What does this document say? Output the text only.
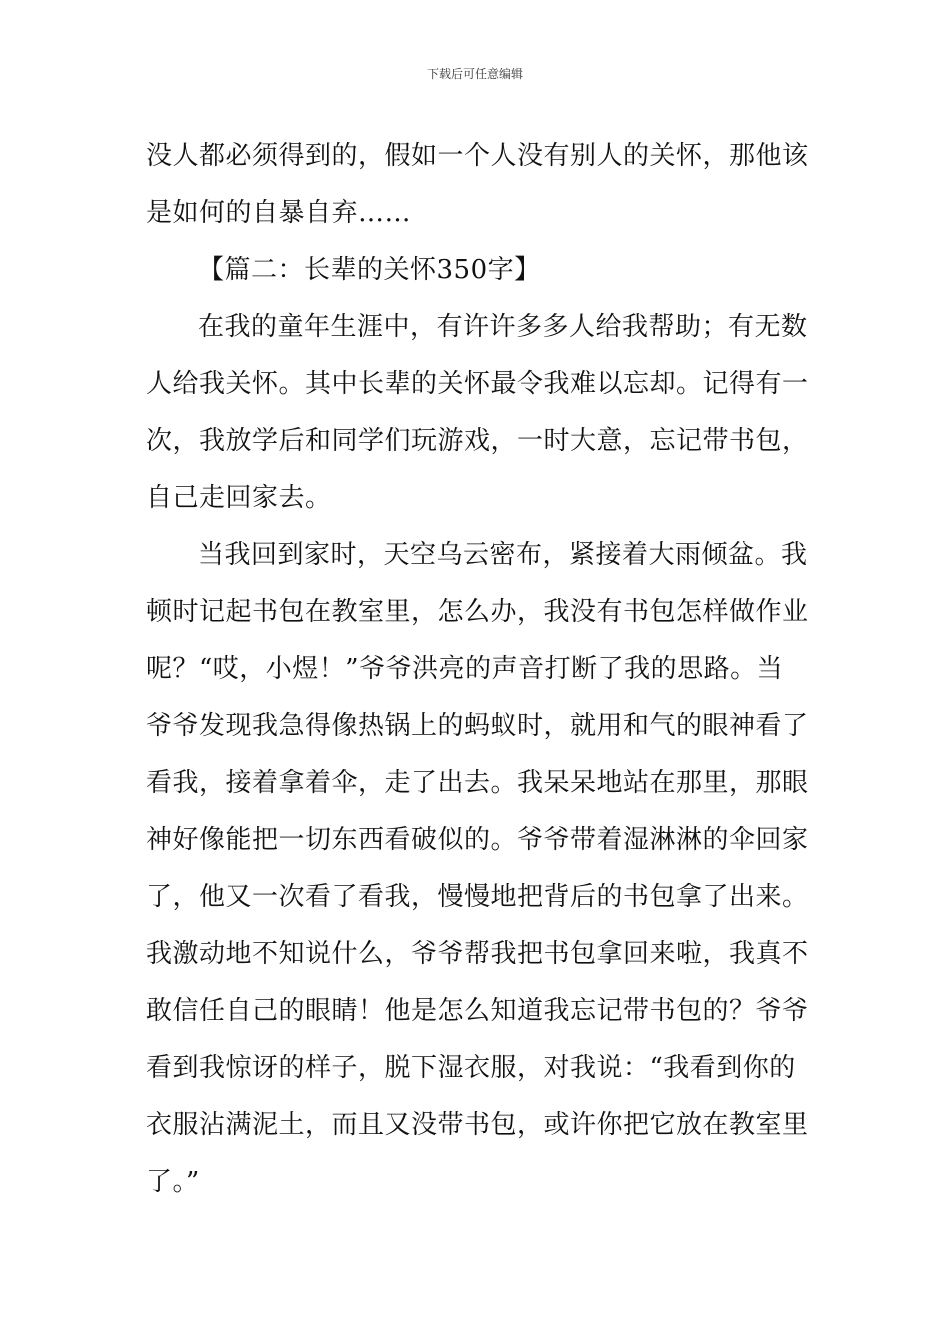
下载后可任意编辑
没人都必须得到的，假如一个人没有别人的关怀，那他该
是如何的自暴自弃……
【篇二：长辈的关怀350字】
在我的童年生涯中，有许许多多人给我帮助；有无数
人给我关怀。其中长辈的关怀最令我难以忘却。记得有一
次，我放学后和同学们玩游戏，一时大意，忘记带书包，
自己走回家去。
当我回到家时，天空乌云密布，紧接着大雨倾盆。我
顿时记起书包在教室里，怎么办，我没有书包怎样做作业
呢？“哎，小煜！”爷爷洪亮的声音打断了我的思路。当
爷爷发现我急得像热锅上的蚂蚁时，就用和气的眼神看了
看我，接着拿着伞，走了出去。我呆呆地站在那里，那眼
神好像能把一切东西看破似的。爷爷带着湿淋淋的伞回家
了，他又一次看了看我，慢慢地把背后的书包拿了出来。
我激动地不知说什么，爷爷帮我把书包拿回来啦，我真不
敢信任自己的眼睛！他是怎么知道我忘记带书包的？爷爷
看到我惊讶的样子，脱下湿衣服，对我说：“我看到你的
衣服沾满泥土，而且又没带书包，或许你把它放在教室里
了。”
